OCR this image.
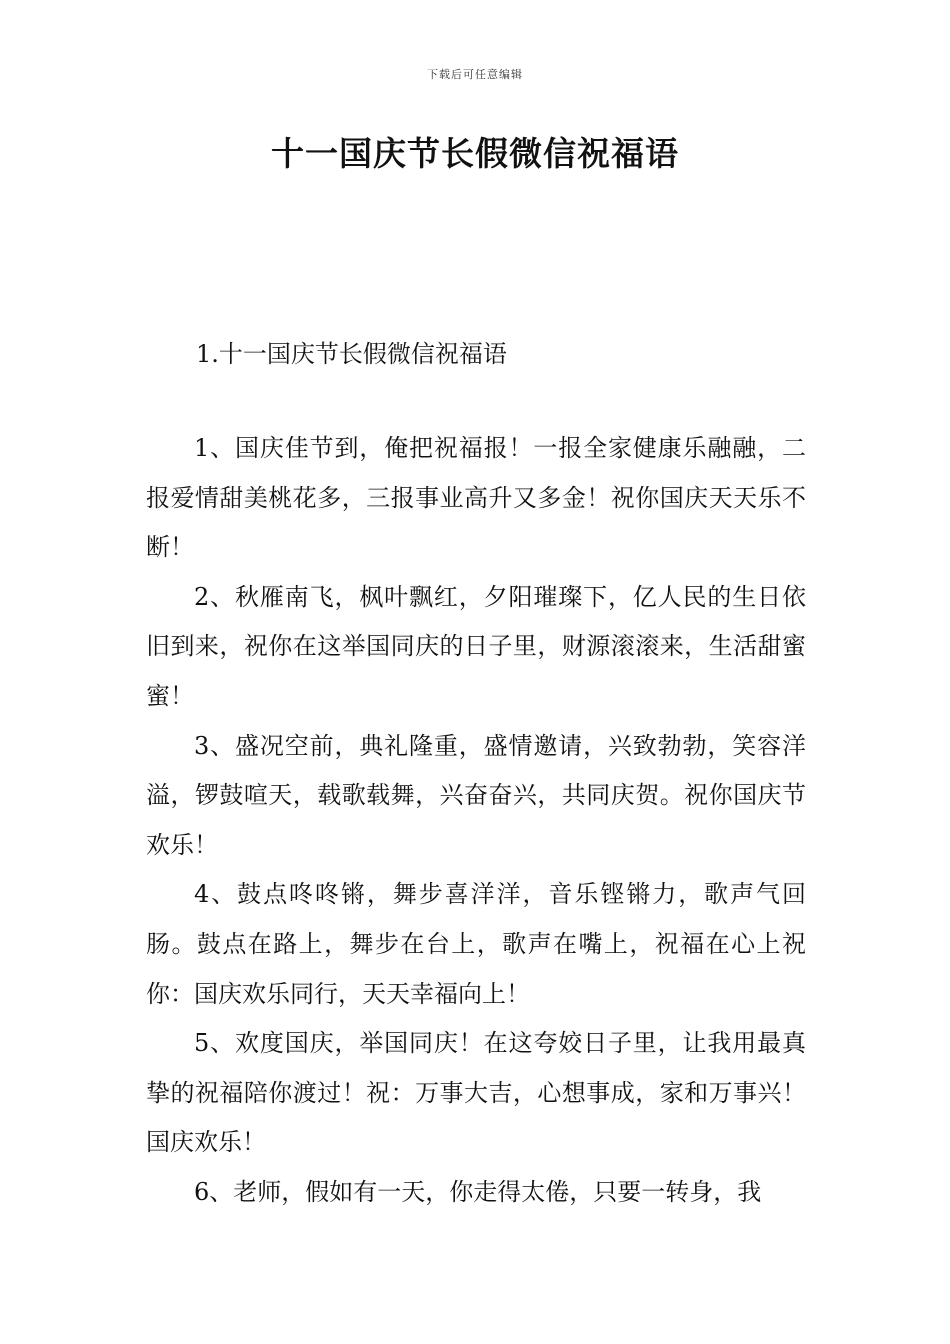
下载后可任意编辑
十一国庆节长假微信祝福语
1.十一国庆节长假微信祝福语

1、国庆佳节到，俺把祝福报！一报全家健康乐融融，二报爱情甜美桃花多，三报事业高升又多金！祝你国庆天天乐不断！

2、秋雁南飞，枫叶飘红，夕阳璀璨下，亿人民的生日依旧到来，祝你在这举国同庆的日子里，财源滚滚来，生活甜蜜蜜！

3、盛况空前，典礼隆重，盛情邀请，兴致勃勃，笑容洋溢，锣鼓喧天，载歌载舞，兴奋奋兴，共同庆贺。祝你国庆节欢乐！

4、鼓点咚咚锵，舞步喜洋洋，音乐铿锵力，歌声气回肠。鼓点在路上，舞步在台上，歌声在嘴上，祝福在心上祝你：国庆欢乐同行，天天幸福向上！

5、欢度国庆，举国同庆！在这夸姣日子里，让我用最真挚的祝福陪你渡过！祝：万事大吉，心想事成，家和万事兴！国庆欢乐！

6、老师，假如有一天，你走得太倦，只要一转身，我
